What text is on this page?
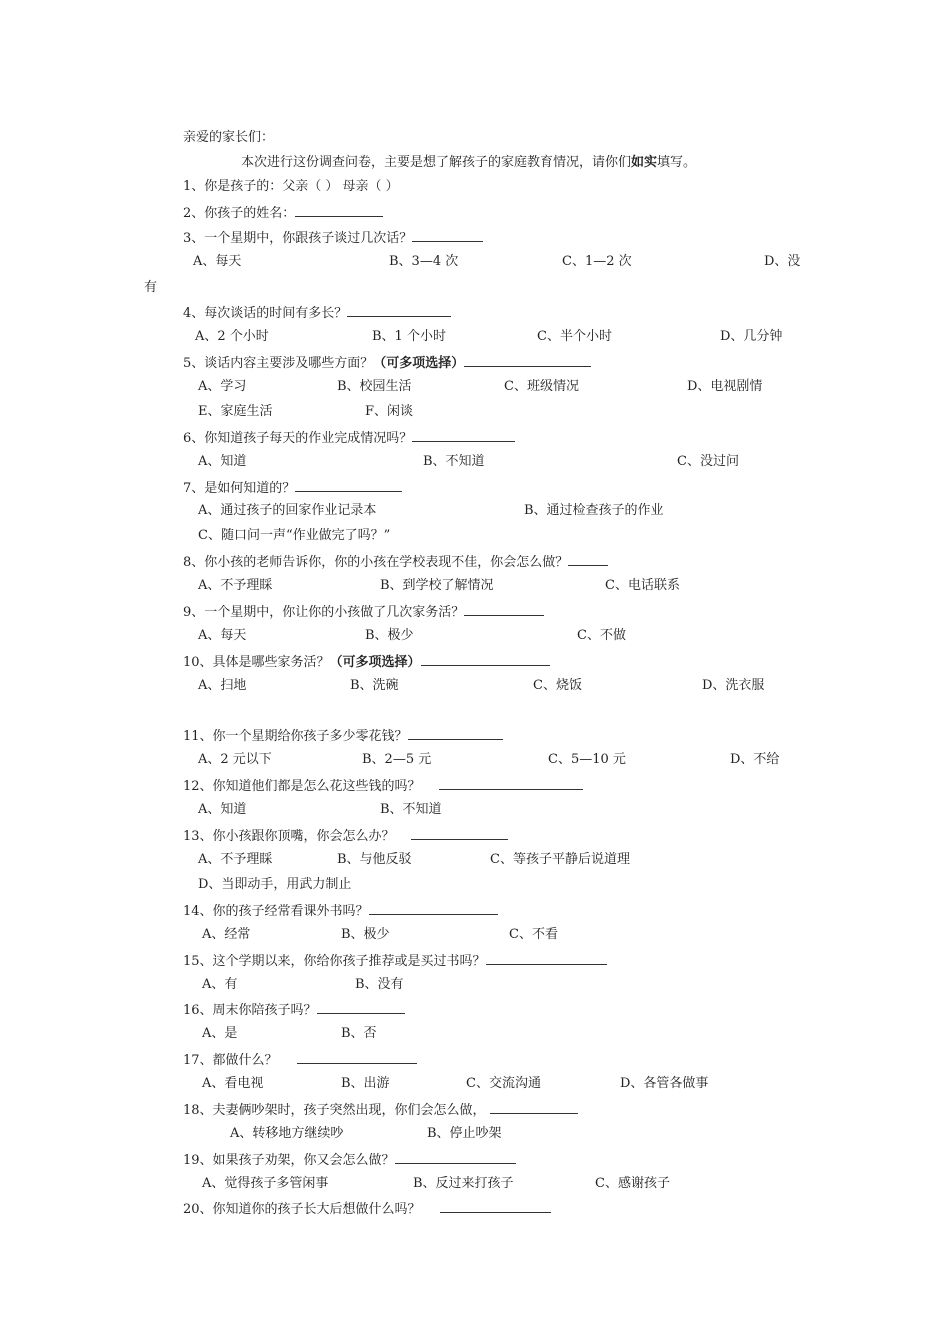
亲爱的家长们：
本次进行这份调查问卷，主要是想了解孩子的家庭教育情况，请你们如实填写。
1、你是孩子的：父亲（ ） 母亲（ ）
2、你孩子的姓名：
3、一个星期中，你跟孩子谈过几次话？
A、每天	B、3—4 次	C、1—2 次	D、没
有
4、每次谈话的时间有多长？
A、2 个小时	B、1 个小时	C、半个小时	D、几分钟
5、谈话内容主要涉及哪些方面？（可多项选择）
A、学习	B、校园生活	C、班级情况	D、电视剧情
E、家庭生活	F、闲谈
6、你知道孩子每天的作业完成情况吗？
A、知道	B、不知道	C、没过问
7、是如何知道的？
A、通过孩子的回家作业记录本	B、通过检查孩子的作业
C、随口问一声“作业做完了吗？”
8、你小孩的老师告诉你，你的小孩在学校表现不佳，你会怎么做？
A、不予理睬	B、到学校了解情况	C、电话联系
9、一个星期中，你让你的小孩做了几次家务活？
A、每天	B、极少	C、不做
10、具体是哪些家务活？（可多项选择）
A、扫地	B、洗碗	C、烧饭	D、洗衣服
11、你一个星期给你孩子多少零花钱？
A、2 元以下	B、2—5 元	C、5—10 元	D、不给
12、你知道他们都是怎么花这些钱的吗？
A、知道	B、不知道
13、你小孩跟你顶嘴，你会怎么办？
A、不予理睬	B、与他反驳	C、等孩子平静后说道理
D、当即动手，用武力制止
14、你的孩子经常看课外书吗？
A、经常	B、极少	C、不看
15、这个学期以来，你给你孩子推荐或是买过书吗？
A、有	B、没有
16、周末你陪孩子吗？
A、是	B、否
17、都做什么？
A、看电视	B、出游	C、交流沟通	D、各管各做事
18、夫妻俩吵架时，孩子突然出现，你们会怎么做，
A、转移地方继续吵	B、停止吵架
19、如果孩子劝架，你又会怎么做？
A、觉得孩子多管闲事	B、反过来打孩子	C、感谢孩子
20、你知道你的孩子长大后想做什么吗？
